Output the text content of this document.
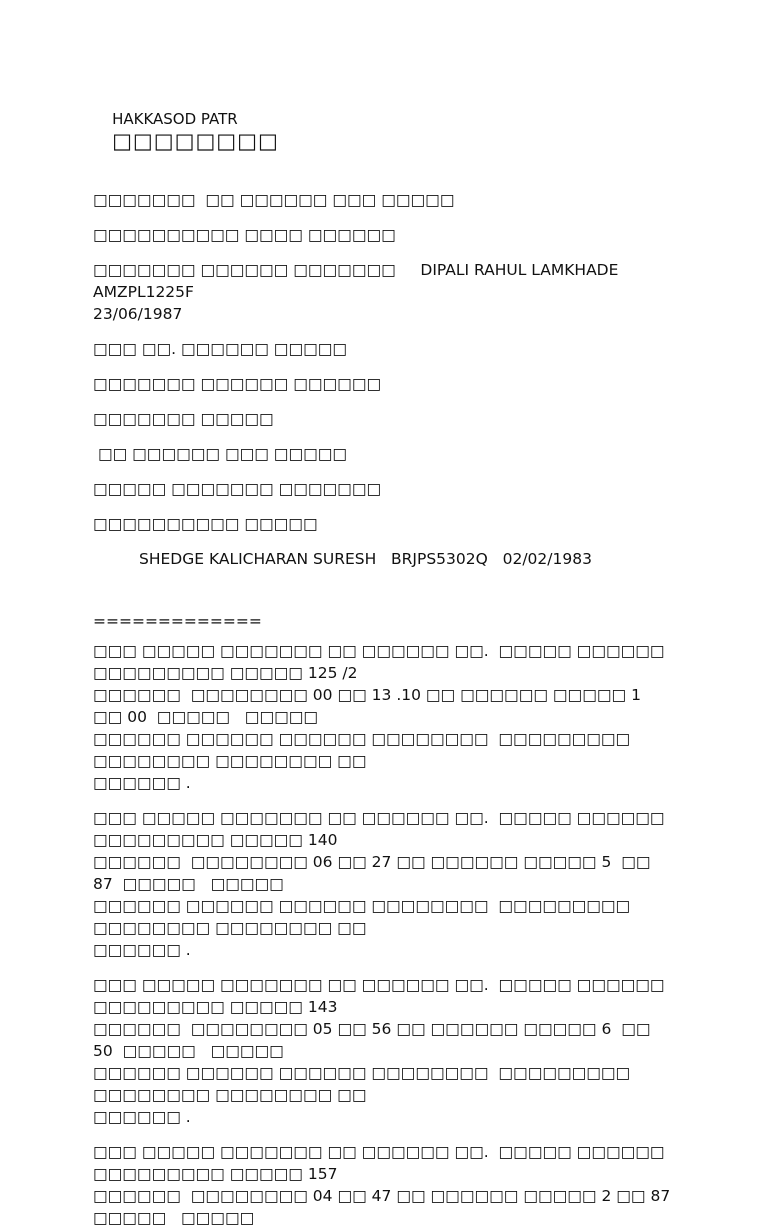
HAKKASOD PATR
□□□□□□□□

□□□□□□□  □□ □□□□□□ □□□ □□□□□

□□□□□□□□□□ □□□□ □□□□□□

□□□□□□□ □□□□□□ □□□□□□□     DIPALI RAHUL LAMKHADE  AMZPL1225F

23/06/1987

□□□ □□. □□□□□□ □□□□□

□□□□□□□ □□□□□□ □□□□□□

□□□□□□□ □□□□□

□□ □□□□□□ □□□ □□□□□

□□□□□ □□□□□□□ □□□□□□□

□□□□□□□□□□ □□□□□

SHEDGE KALICHARAN SURESH   BRJPS5302Q   02/02/1983

=============

□□□ □□□□□ □□□□□□□ □□ □□□□□□ □□.  □□□□□ □□□□□□ □□□□□□□□□ □□□□□ 125 /2

□□□□□□  □□□□□□□□ 00 □□ 13 .10 □□ □□□□□□ □□□□□ 1  □□ 00  □□□□□   □□□□□

□□□□□□ □□□□□□ □□□□□□ □□□□□□□□  □□□□□□□□□ □□□□□□□□ □□□□□□□□ □□

□□□□□□ .

□□□ □□□□□ □□□□□□□ □□ □□□□□□ □□.  □□□□□ □□□□□□ □□□□□□□□□ □□□□□ 140

□□□□□□  □□□□□□□□ 06 □□ 27 □□ □□□□□□ □□□□□ 5  □□ 87  □□□□□   □□□□□

□□□□□□ □□□□□□ □□□□□□ □□□□□□□□  □□□□□□□□□ □□□□□□□□ □□□□□□□□ □□

□□□□□□ .

□□□ □□□□□ □□□□□□□ □□ □□□□□□ □□.  □□□□□ □□□□□□ □□□□□□□□□ □□□□□ 143

□□□□□□  □□□□□□□□ 05 □□ 56 □□ □□□□□□ □□□□□ 6  □□ 50  □□□□□   □□□□□

□□□□□□ □□□□□□ □□□□□□ □□□□□□□□  □□□□□□□□□ □□□□□□□□ □□□□□□□□ □□

□□□□□□ .

□□□ □□□□□ □□□□□□□ □□ □□□□□□ □□.  □□□□□ □□□□□□ □□□□□□□□□ □□□□□ 157

□□□□□□  □□□□□□□□ 04 □□ 47 □□ □□□□□□ □□□□□ 2 □□ 87  □□□□□   □□□□□
